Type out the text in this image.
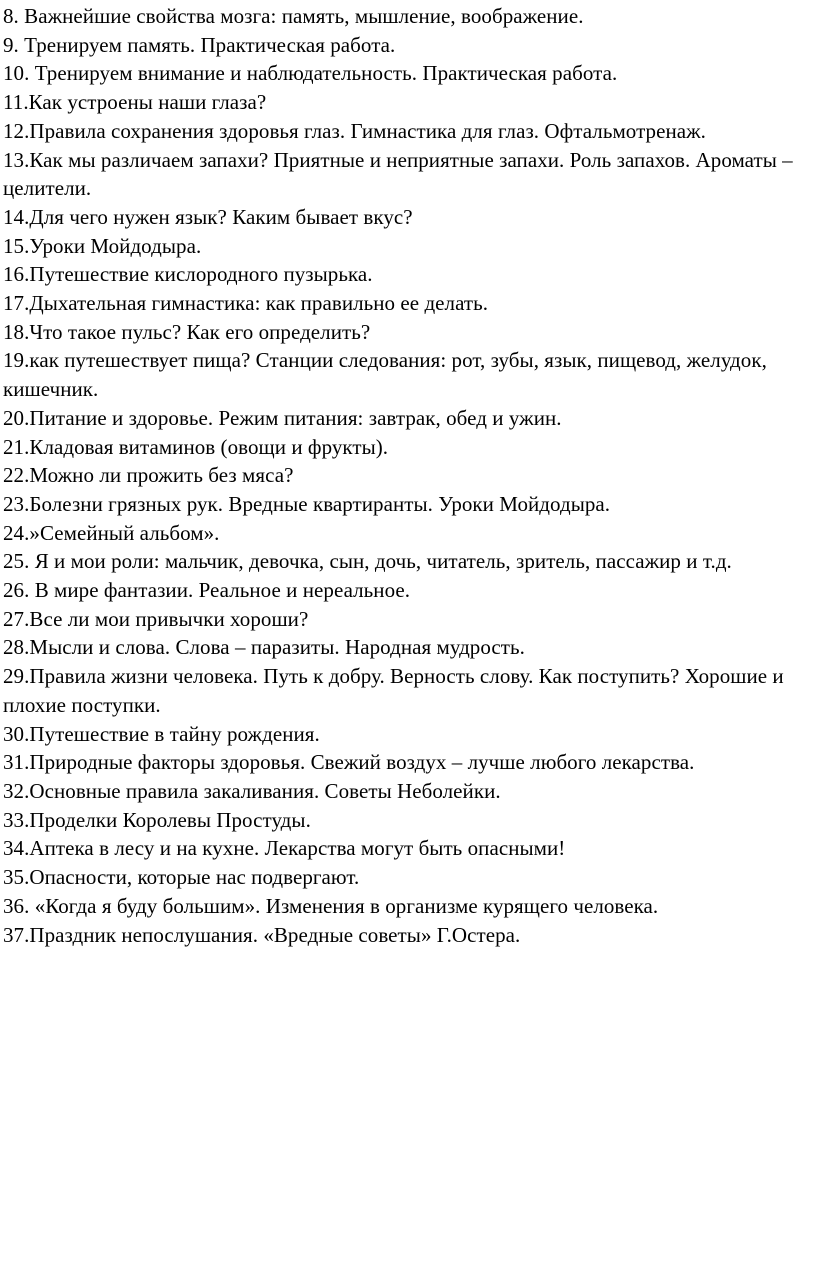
8. Важнейшие свойства мозга: память, мышление, воображение.
9. Тренируем память. Практическая работа.
10. Тренируем внимание и наблюдательность. Практическая работа.
11.Как устроены наши глаза?
12.Правила сохранения здоровья глаз. Гимнастика для глаз. Офтальмотренаж.
13.Как мы различаем запахи? Приятные и неприятные запахи. Роль запахов. Ароматы – целители.
14.Для чего нужен язык? Каким бывает вкус?
15.Уроки Мойдодыра.
16.Путешествие кислородного пузырька.
17.Дыхательная гимнастика: как правильно ее делать.
18.Что такое пульс? Как его определить?
19.как путешествует пища? Станции следования: рот, зубы, язык, пищевод, желудок, кишечник.
20.Питание и здоровье. Режим питания: завтрак, обед и ужин.
21.Кладовая витаминов (овощи и фрукты).
22.Можно ли прожить без мяса?
23.Болезни грязных рук. Вредные квартиранты. Уроки Мойдодыра.
24.»Семейный альбом».
25. Я и мои роли: мальчик, девочка, сын, дочь, читатель, зритель, пассажир и т.д.
26. В мире фантазии. Реальное и нереальное.
27.Все ли мои привычки хороши?
28.Мысли и слова. Слова – паразиты. Народная мудрость.
29.Правила жизни человека. Путь к добру. Верность слову. Как поступить? Хорошие и плохие поступки.
30.Путешествие в тайну рождения.
31.Природные факторы здоровья. Свежий воздух – лучше любого лекарства.
32.Основные правила закаливания. Советы Неболейки.
33.Проделки Королевы Простуды.
34.Аптека в лесу и на кухне. Лекарства могут быть опасными!
35.Опасности, которые нас подвергают.
36. «Когда я буду большим». Изменения в организме курящего человека.
37.Праздник непослушания. «Вредные советы» Г.Остера.
